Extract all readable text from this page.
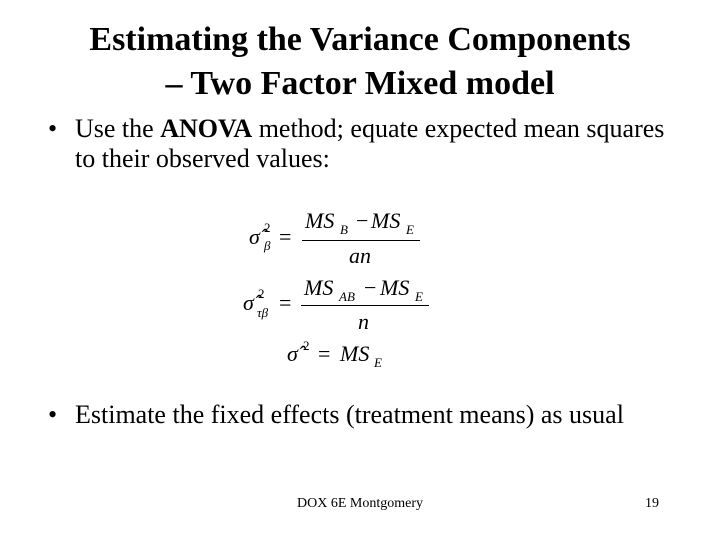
Estimating the Variance Components
– Two Factor Mixed model
• Use the ANOVA method; equate expected mean squares to their observed values:
σ̂ 2
β =
MS B − MS E
an
σ̂ 2
τβ =
MS AB − MS E
n
σ̂ 2 = MS E
• Estimate the fixed effects (treatment means) as usual
DOX 6E Montgomery	19
